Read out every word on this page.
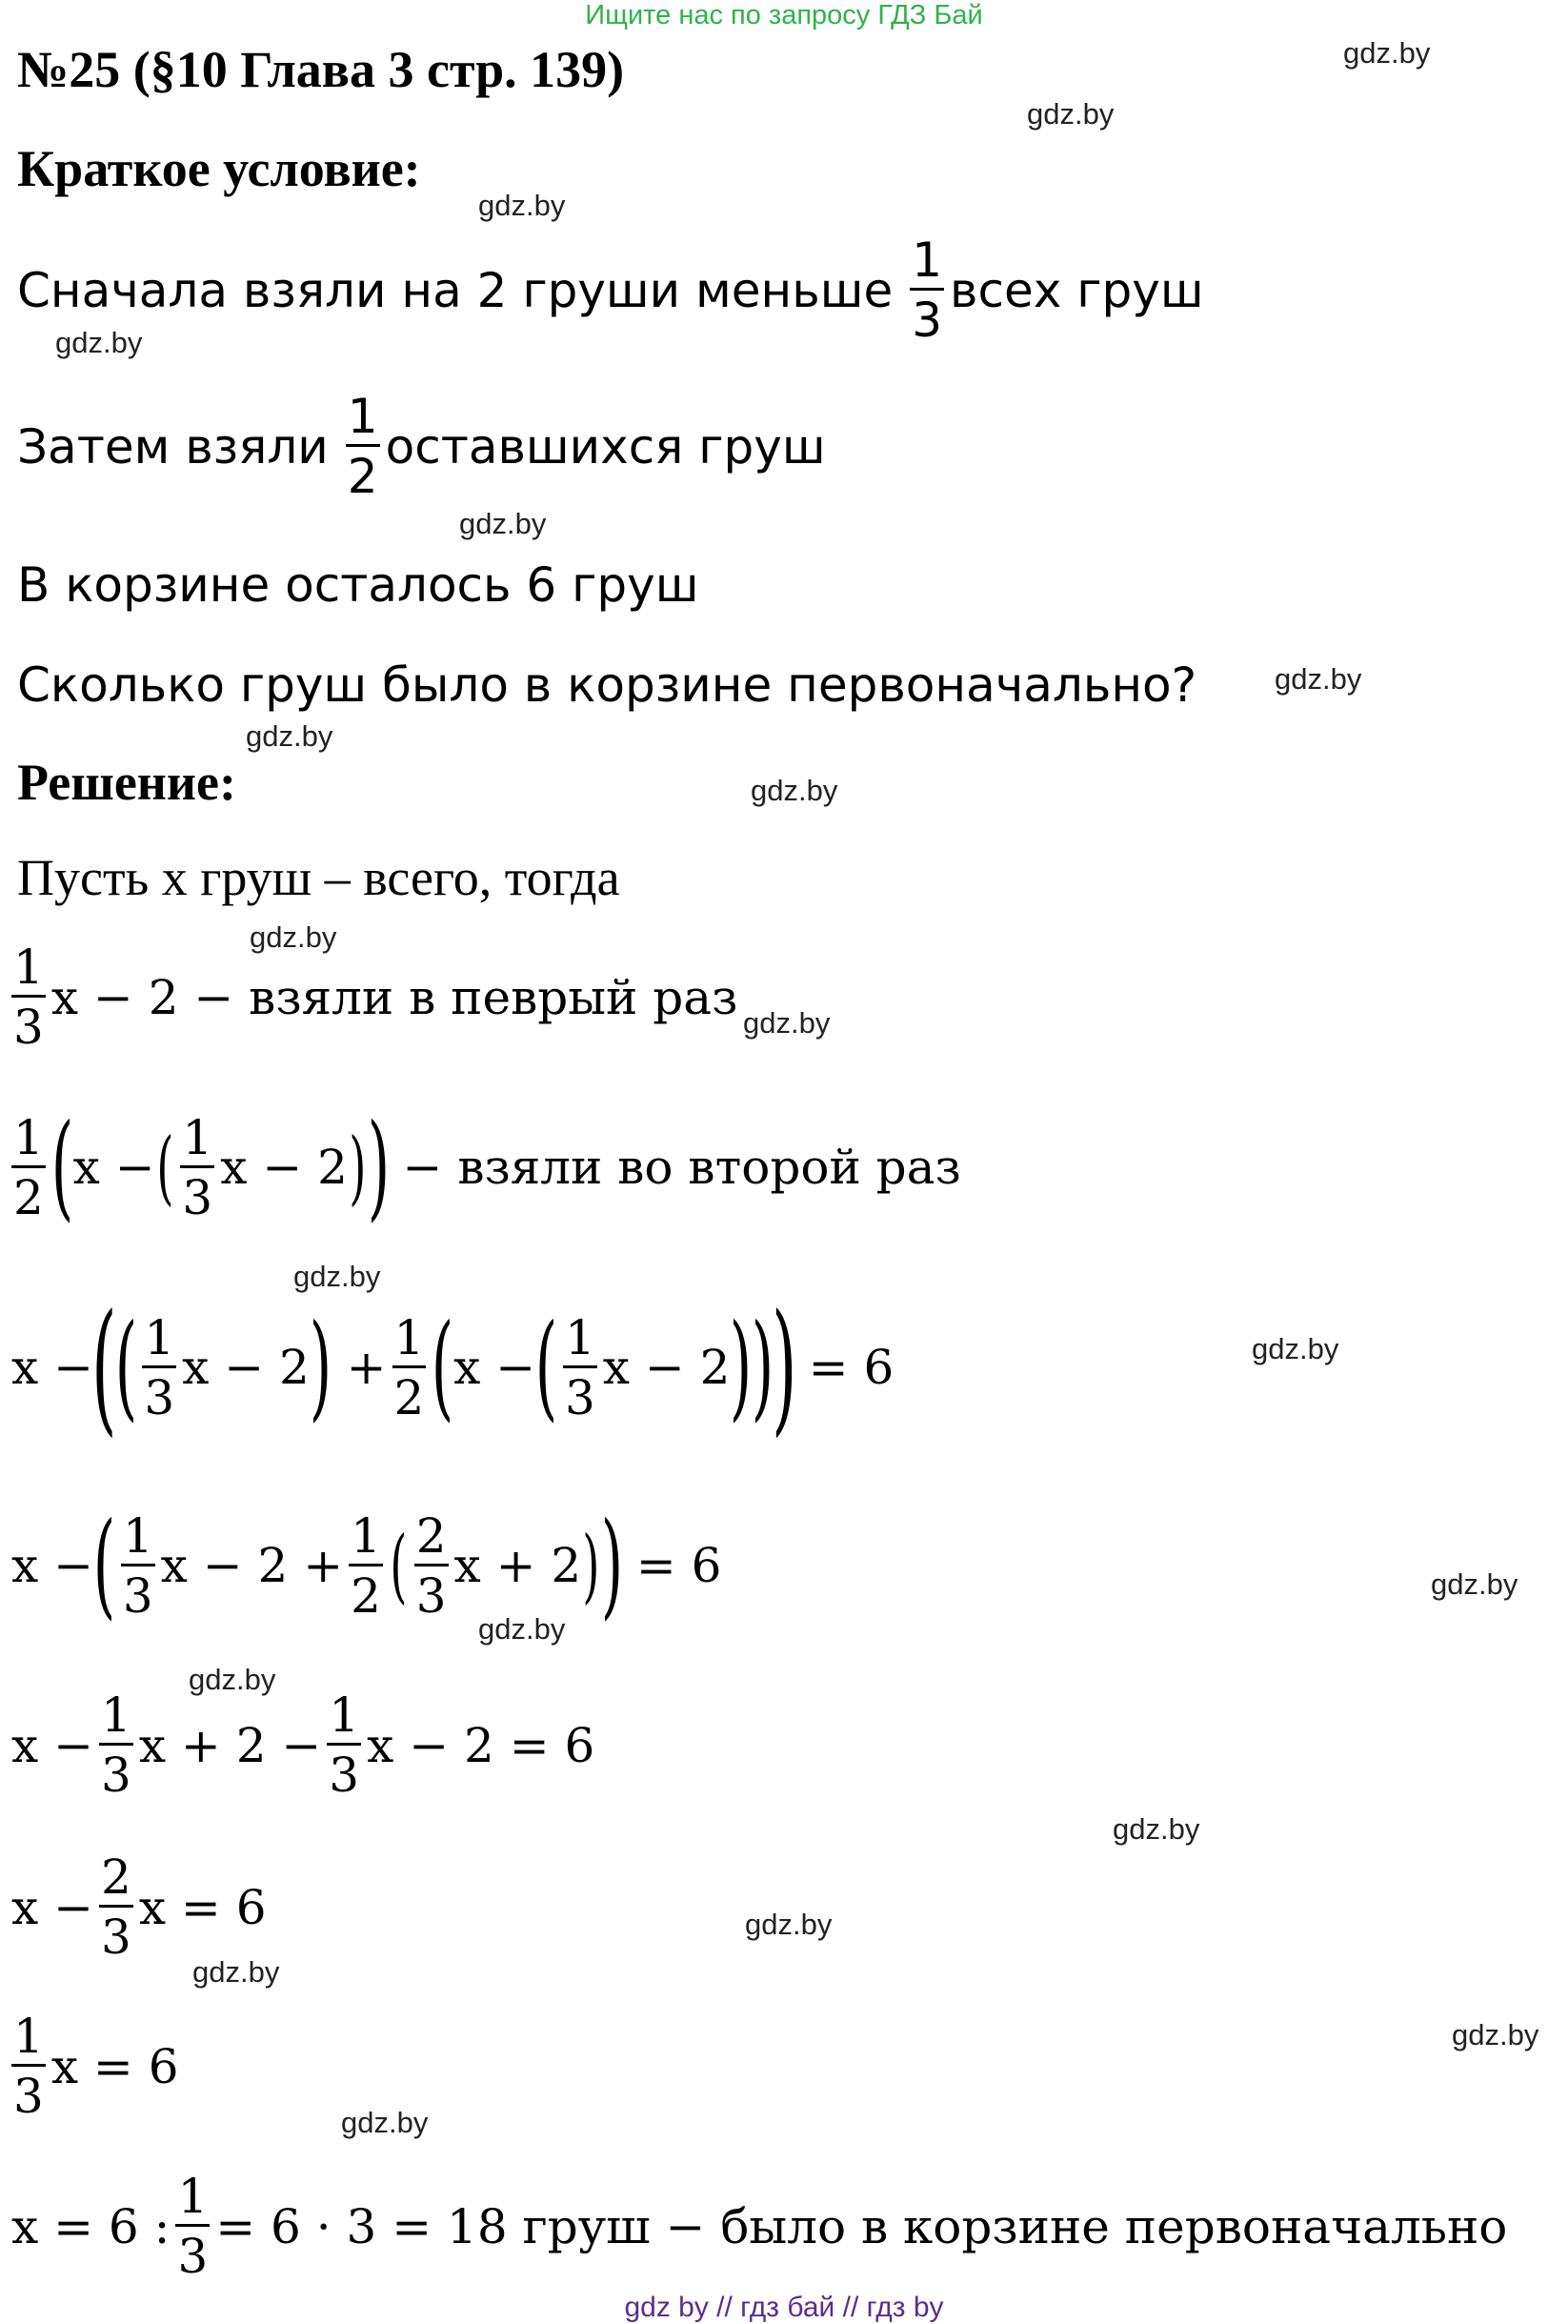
Ищите нас по запросу ГДЗ Бай
№25 (§10 Глава 3 стр. 139)
Краткое условие:
Сначала взяли на 2 груши меньше $\frac{1}{3}$ всех груш
Затем взяли $\frac{1}{2}$ оставшихся груш
В корзине осталось 6 груш
Сколько груш было в корзине первоначально?
Решение:
Пусть x груш – всего, тогда
$\frac{1}{3}$ x − 2 − взяли в певрый раз
$\frac{1}{2}$ ( x − ( $\frac{1}{3}$ x − 2 ) ) − взяли во второй раз
x −
(
( $\frac{1}{3}$ x − 2 ) + $\frac{1}{2}$ ( x − ( $\frac{1}{3}$ x − 2 ) )
) = 6
x − ( $\frac{1}{3}$ $x - 2 + \frac{1}{2}$ ( $\frac{2}{3}$ x + 2 ) ) = 6
$x - \frac{1}{3}$ $x + 2 - \frac{1}{3}$ x − 2 = 6
$x - \frac{2}{3}$ x = 6
$\frac{1}{3}$ x = 6
x = 6 : $\frac{1}{3} = 6 \cdot 3 = 18$ груш − было в корзине первоначально
gdz.by
gdz.by
gdz.by
gdz.by
gdz.by
gdz.by
gdz.by
gdz.by
gdz.by
gdz.by
gdz.by
gdz.by
gdz.by
gdz.by
gdz.by
gdz.by
gdz.by
gdz.by
gdz.by
gdz.by
gdz by // гдз бай // гдз by
